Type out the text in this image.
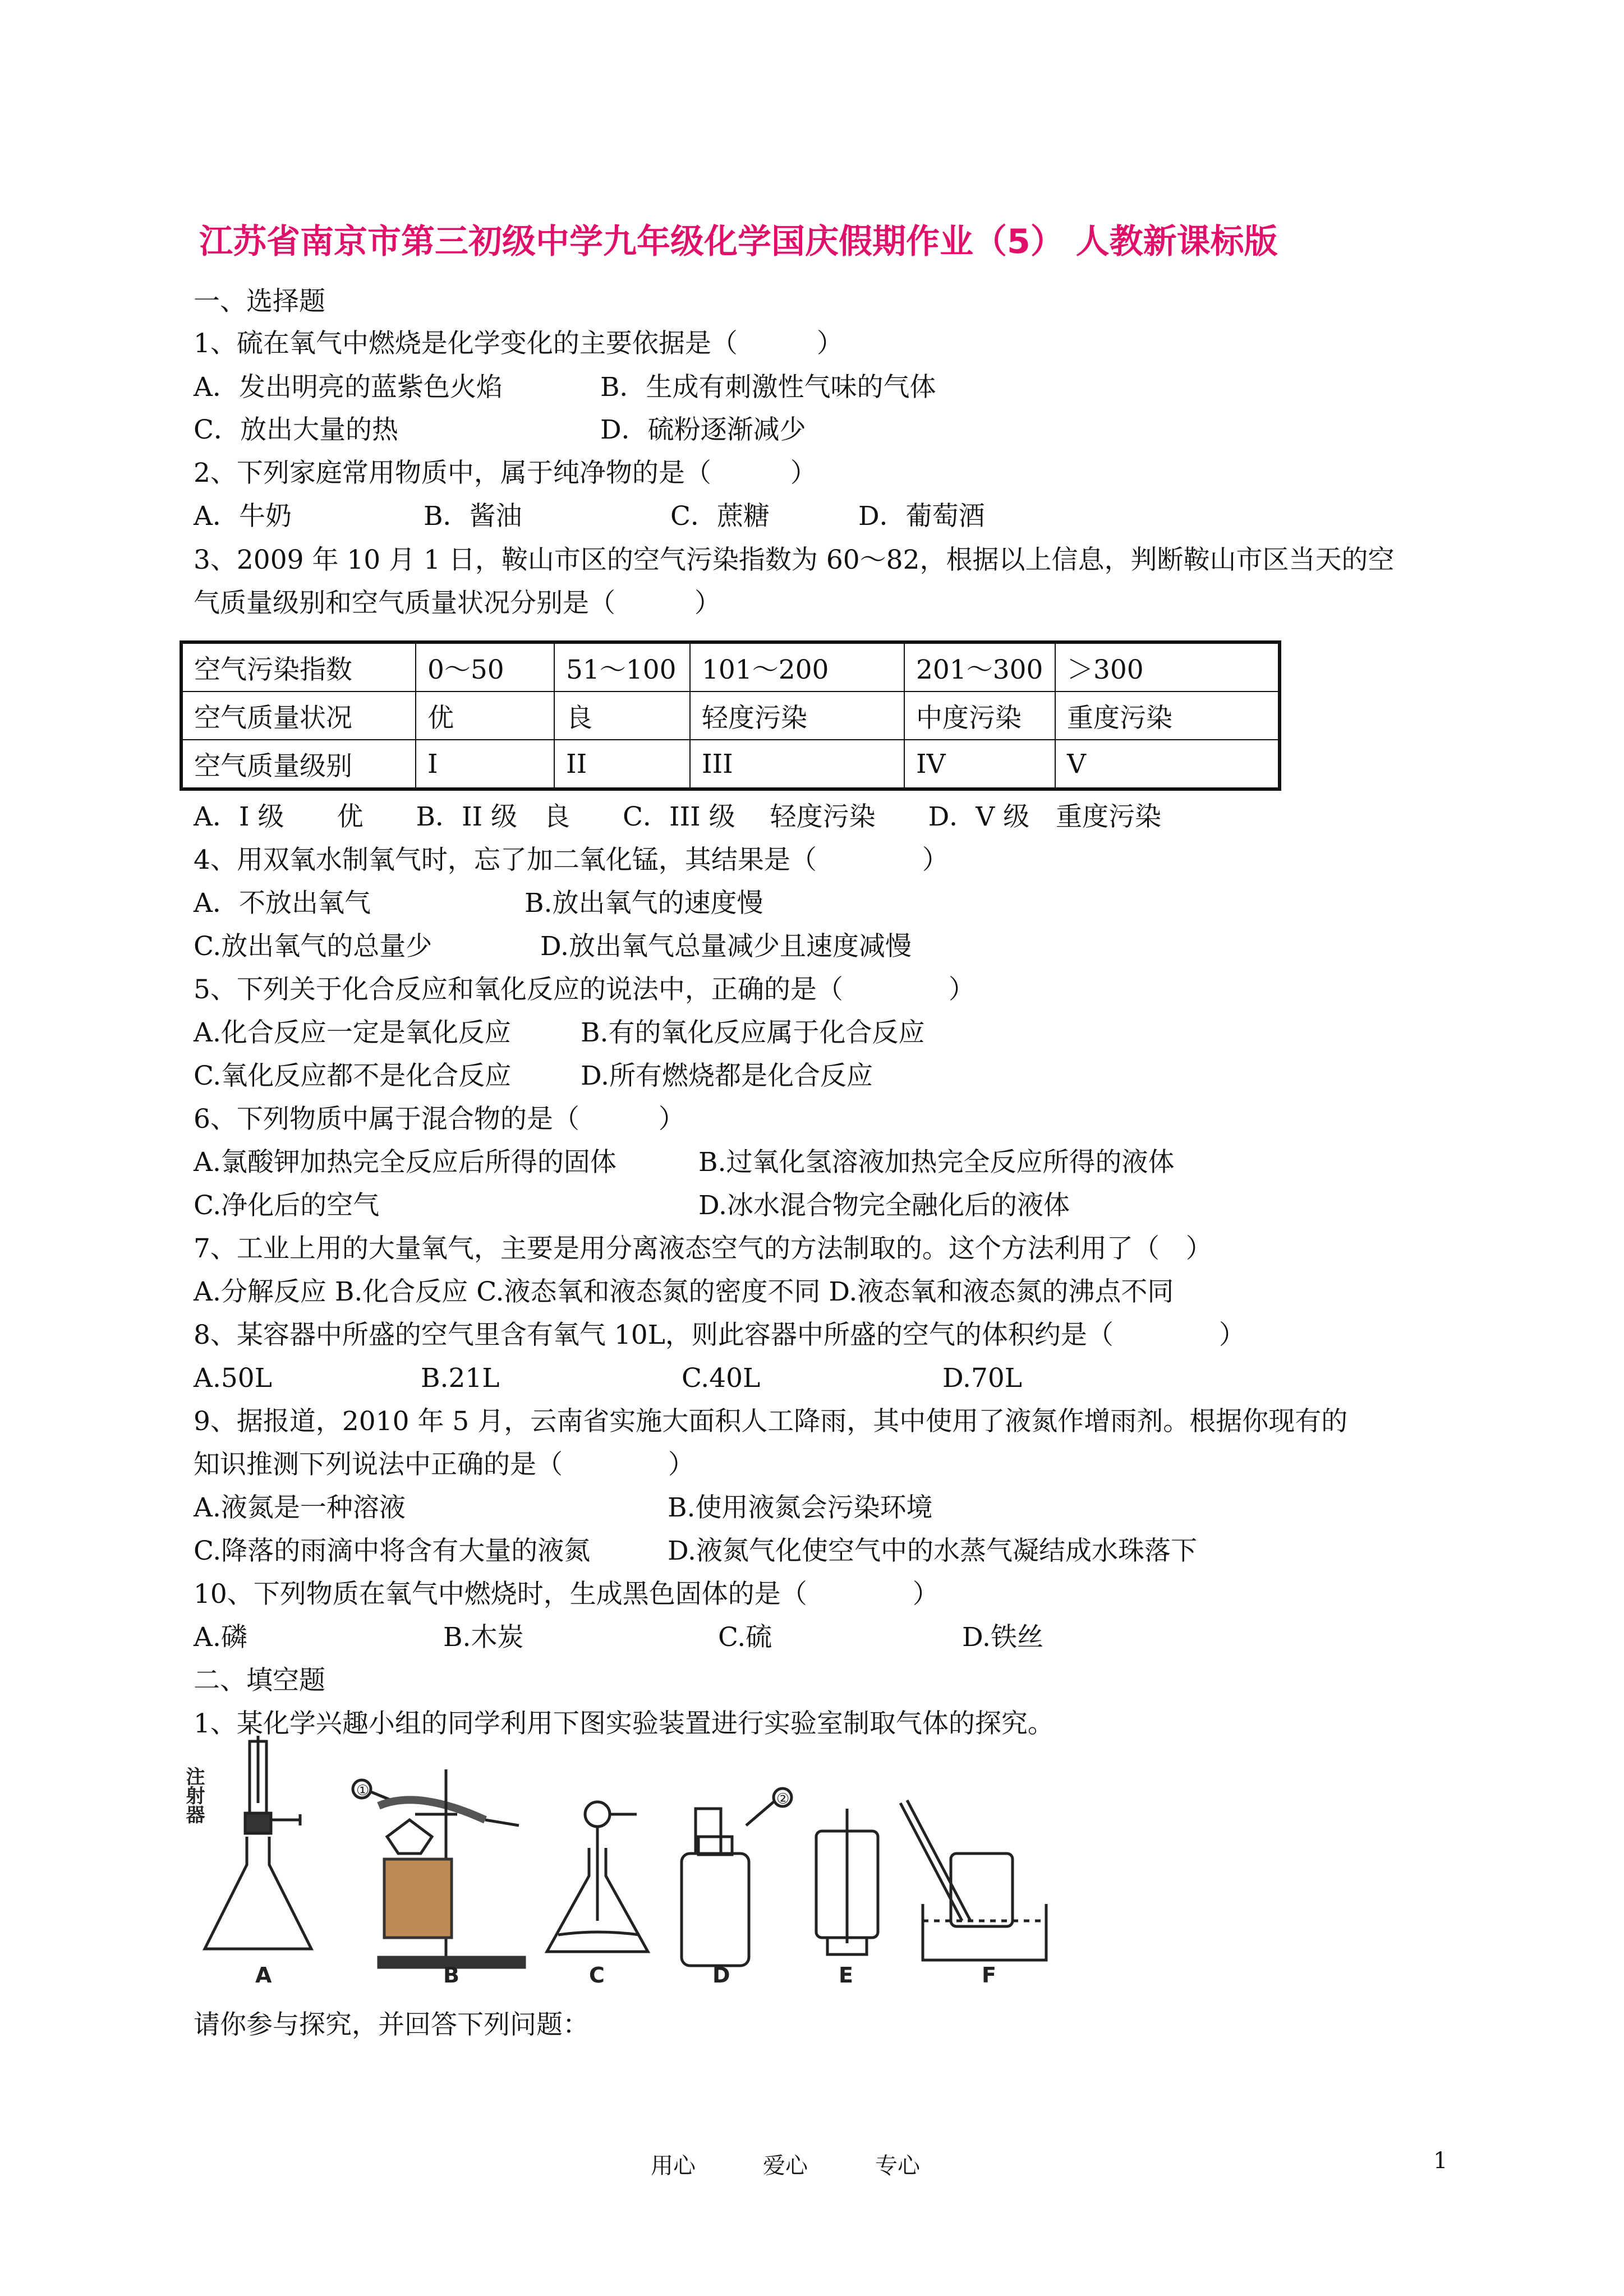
江苏省南京市第三初级中学九年级化学国庆假期作业（5） 人教新课标版
一、选择题
1、硫在氧气中燃烧是化学变化的主要依据是（　　　）
A．发出明亮的蓝紫色火焰	B．生成有刺激性气味的气体
C．放出大量的热	D．硫粉逐渐减少
2、下列家庭常用物质中，属于纯净物的是（　　　）
A．牛奶	B．酱油	C．蔗糖	D．葡萄酒
3、2009 年 10 月 1 日，鞍山市区的空气污染指数为 60～82，根据以上信息，判断鞍山市区当天的空
气质量级别和空气质量状况分别是（　　　）
空气污染指数	0～50	51～100	101～200	201～300	＞300
空气质量状况	优	良	轻度污染	中度污染	重度污染
空气质量级别	I	II	III	IV	V
A．I 级　　优　　B．II 级　良　　C．III 级　 轻度污染　　D．V 级　重度污染
4、用双氧水制氧气时，忘了加二氧化锰，其结果是（　　　　）
A．不放出氧气	B.放出氧气的速度慢
C.放出氧气的总量少	D.放出氧气总量减少且速度减慢
5、下列关于化合反应和氧化反应的说法中，正确的是（　　　　）
A.化合反应一定是氧化反应	B.有的氧化反应属于化合反应
C.氧化反应都不是化合反应	D.所有燃烧都是化合反应
6、下列物质中属于混合物的是（　　　）
A.氯酸钾加热完全反应后所得的固体	B.过氧化氢溶液加热完全反应所得的液体
C.净化后的空气	D.冰水混合物完全融化后的液体
7、工业上用的大量氧气，主要是用分离液态空气的方法制取的。这个方法利用了（　）
A.分解反应 B.化合反应 C.液态氧和液态氮的密度不同 D.液态氧和液态氮的沸点不同
8、某容器中所盛的空气里含有氧气 10L，则此容器中所盛的空气的体积约是（　　　　）
A.50L	B.21L	C.40L	D.70L
9、据报道，2010 年 5 月，云南省实施大面积人工降雨，其中使用了液氮作增雨剂。根据你现有的
知识推测下列说法中正确的是（　　　　）
A.液氮是一种溶液	B.使用液氮会污染环境
C.降落的雨滴中将含有大量的液氮	D.液氮气化使空气中的水蒸气凝结成水珠落下
10、下列物质在氧气中燃烧时，生成黑色固体的是（　　　　）
A.磷	B.木炭	C.硫	D.铁丝
二、填空题
1、某化学兴趣小组的同学利用下图实验装置进行实验室制取气体的探究。
注射器	①	②
A	B	C	D	E	F
请你参与探究，并回答下列问题：
用心	爱心	专心	1
